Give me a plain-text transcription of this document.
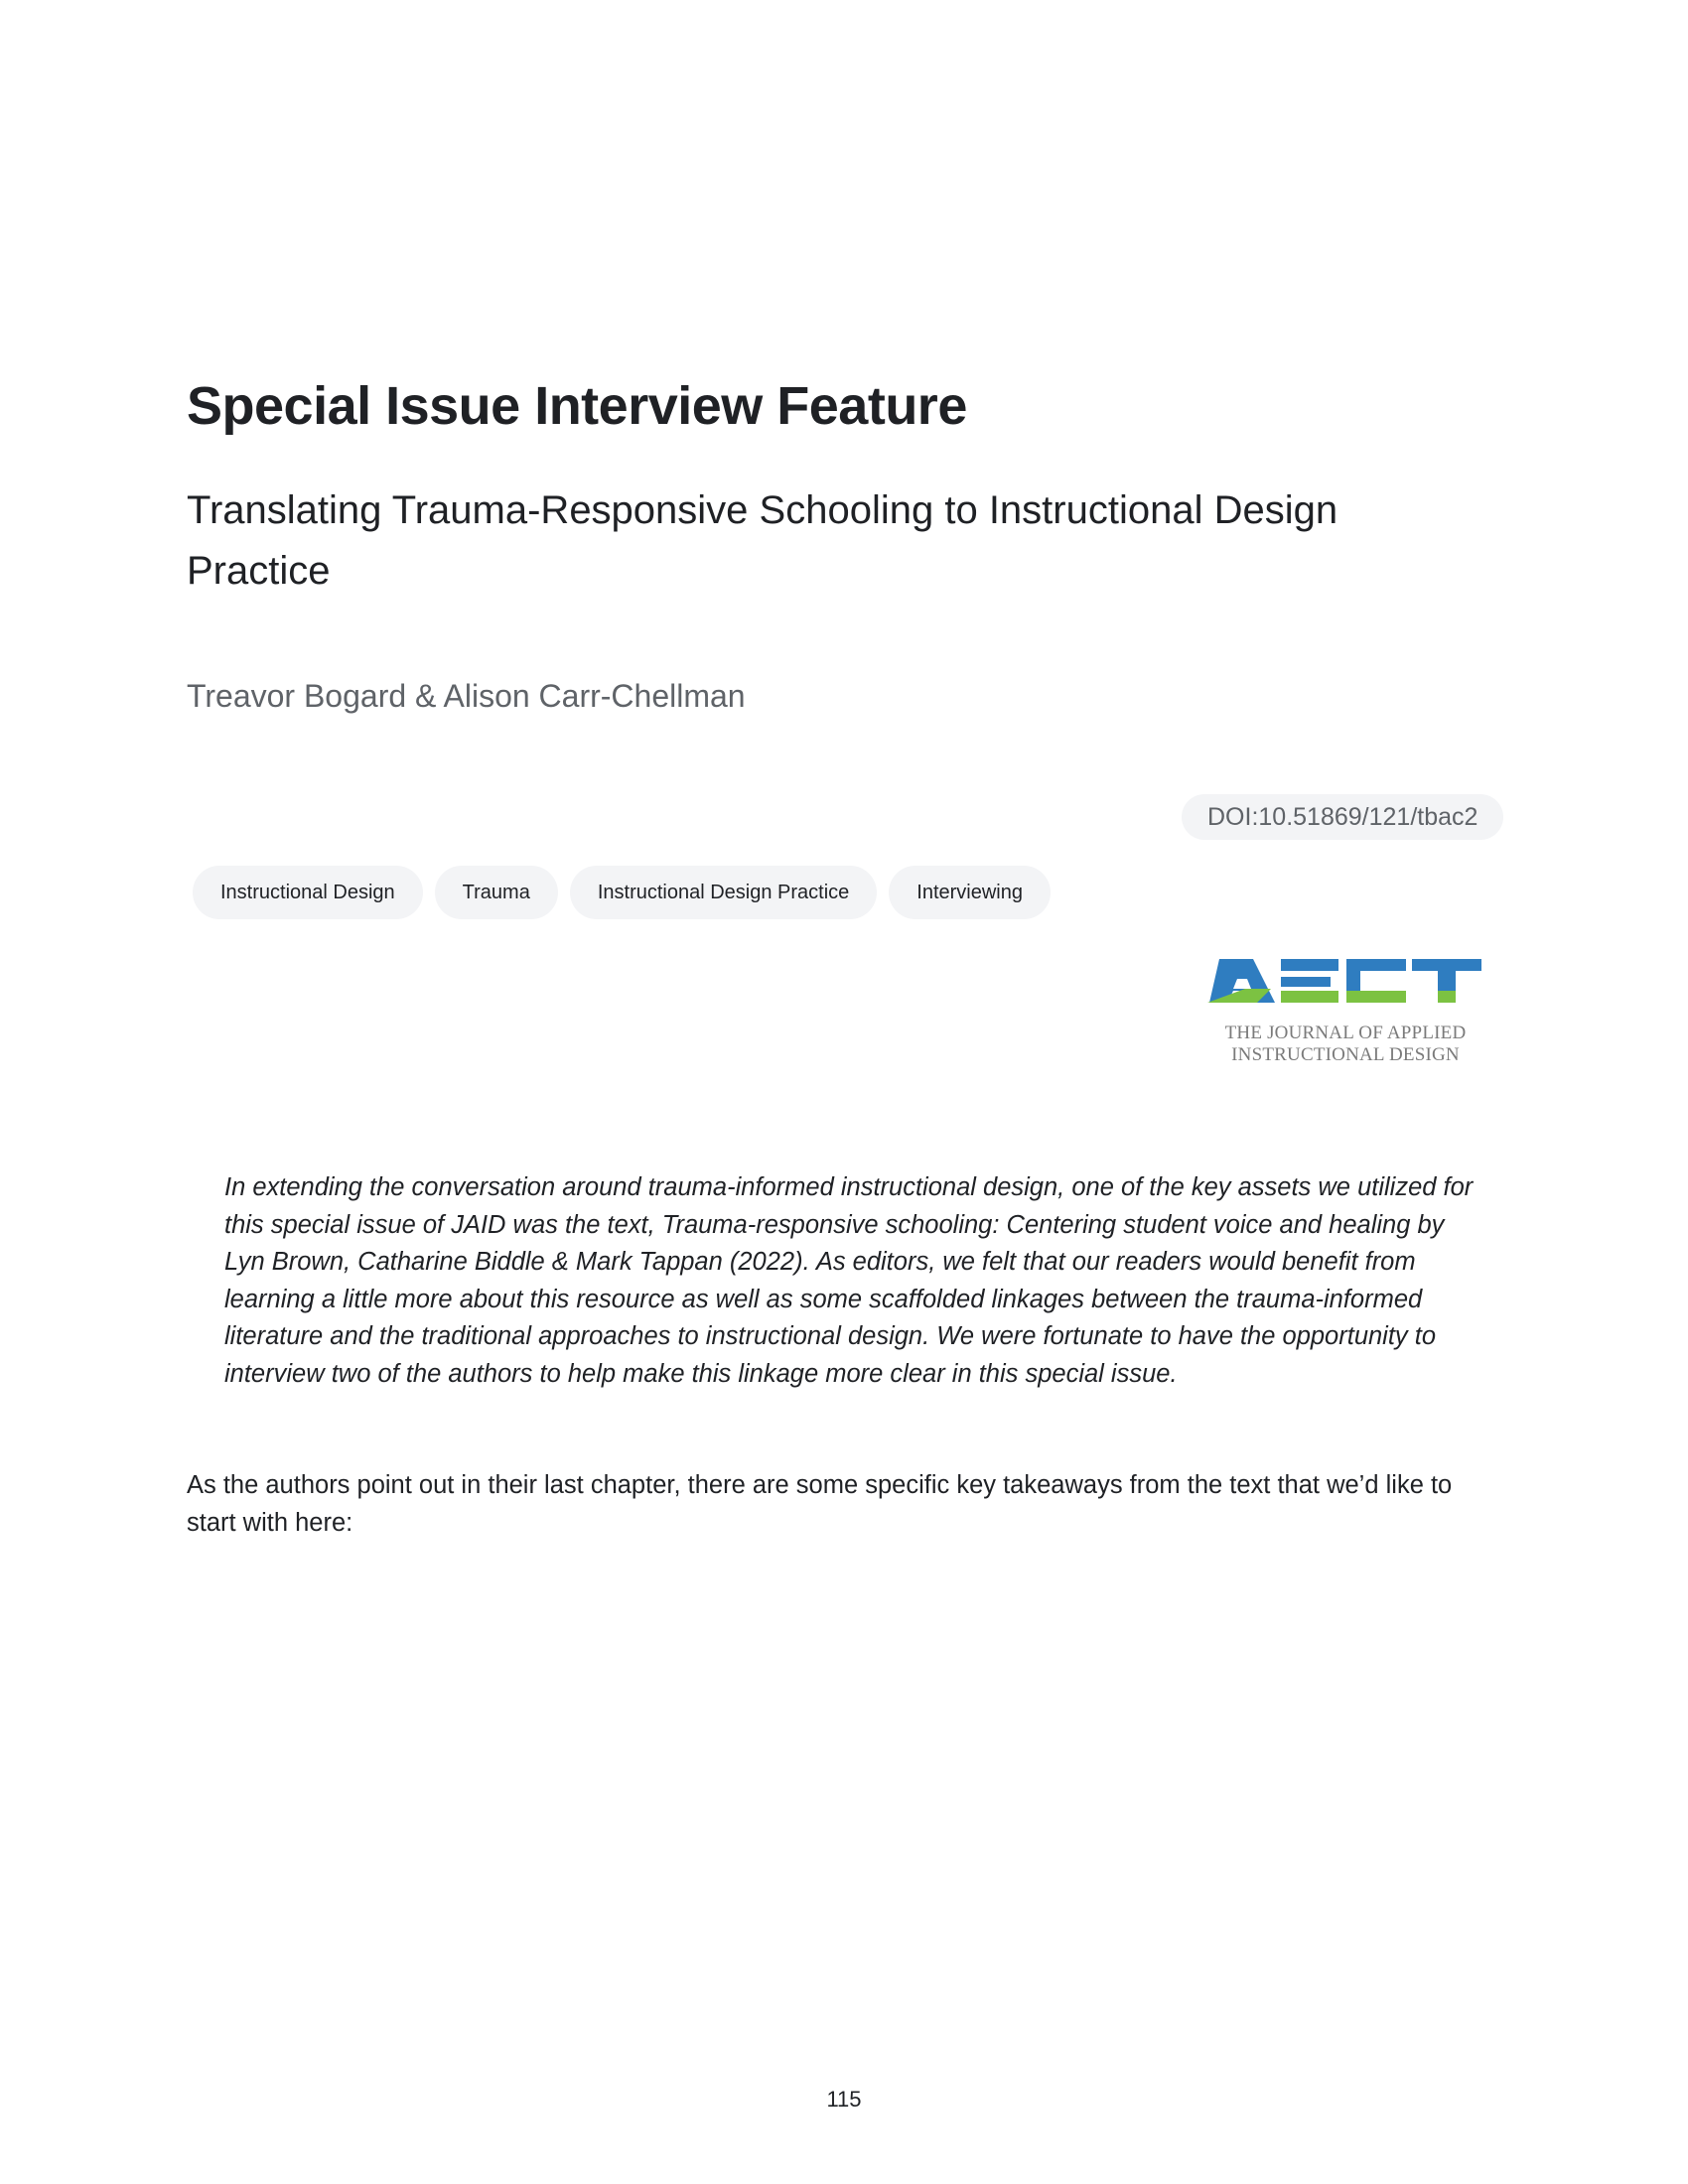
Special Issue Interview Feature
Translating Trauma-Responsive Schooling to Instructional Design Practice

Treavor Bogard & Alison Carr-Chellman

DOI:10.51869/121/tbac2
Instructional Design	Trauma	Instructional Design Practice	Interviewing
THE JOURNAL OF APPLIED
INSTRUCTIONAL DESIGN

In extending the conversation around trauma-informed instructional design, one of the key assets we utilized for this special issue of JAID was the text, Trauma-responsive schooling: Centering student voice and healing by Lyn Brown, Catharine Biddle & Mark Tappan (2022). As editors, we felt that our readers would benefit from learning a little more about this resource as well as some scaffolded linkages between the trauma-informed literature and the traditional approaches to instructional design. We were fortunate to have the opportunity to interview two of the authors to help make this linkage more clear in this special issue.

As the authors point out in their last chapter, there are some specific key takeaways from the text that we’d like to start with here:

115
